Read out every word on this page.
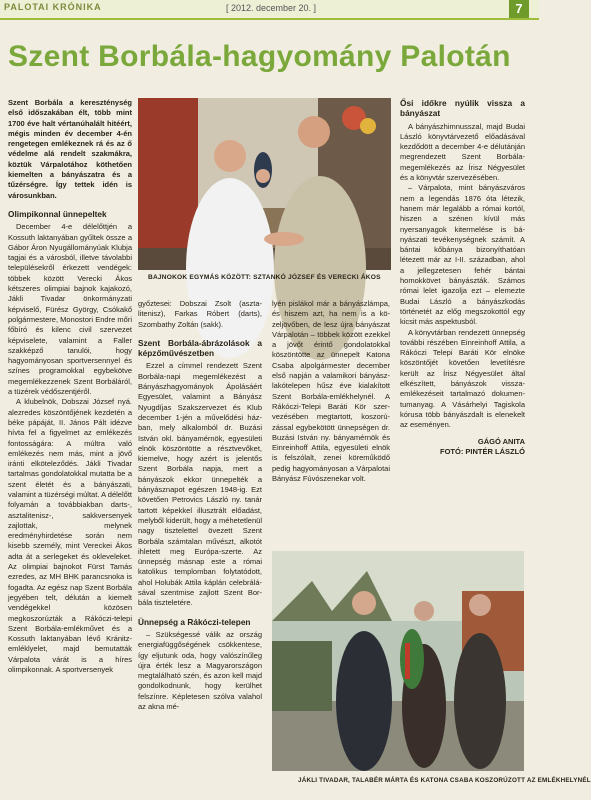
PALOTAI KRÓNIKA	[ 2012. december 20. ]	7
Szent Borbála-hagyomány Palotán

Szent Borbála a kereszténység első időszakában élt, több mint 1700 éve halt vértanúhalált hitéért, mégis minden év december 4-én rengetegen emlékeznek rá és az ő védelme alá rendelt szakmákra, köztük Várpalotához köthetően kiemelten a bányászatra és a tűzérségre. Így tettek idén is városunkban.

Olimpikonnal ünnepeltek

December 4-e délelőttjén a Kossuth laktanyában gyűltek össze a Gábor Áron Nyugállományúak Klubja tagjai és a városból, illetve távolabbi településekről érkezett vendégek: többek között Verecki Ákos kétszeres olimpiai bajnok kajakozó, Jákli Tivadar önkormányzati képviselő, Fürész György, Csókakő polgármestere, Monostori Endre mőri főbíró és kilenc civil szervezet képviselete, valamint a Faller szakképző tanulói, hogy hagyományosan sportversennyel és színes programokkal egybekötve megemlékezzenek Szent Borbáláról, a tüzérek védőszentjéről.

A klubelnök, Dobszai József nyá. alezredes köszöntőjének kezdetén a béke pápáját, II. János Pált idézve hívta fel a figyelmet az emlékezés fontosságára: A múltra való emlékezés nem más, mint a jövő iránti elköteleződés. Jákli Tivadar tartalmas gondolatokkal mutatta be a szent életét és a bányászati, valamint a tüzérségi múltat. A délelőtt folyamán a továbbiakban darts-, asztalitenisz-, sakkversenyek zajlottak, melynek eredményhirdetése során nem kisebb személy, mint Vereckei Ákos adta át a serlegeket és okleveleket. Az olimpiai bajnokot Fürst Tamás ezredes, az MH BHK parancsnoka is fogadta. Az egész nap Szent Borbála jegyében telt, délután a kiemelt vendégekkel közösen megkoszorúzták a Rákóczi-telepi Szent Borbála-emlékművet és a Kossuth laktanyában lévő Kránitz-emléklyelet, majd bemutatták Várpalota várát is a híres olimpikonnak. A sportversenyek

BAJNOKOK EGYMÁS KÖZÖTT: SZTANKÓ JÓZSEF ÉS VERECKI ÁKOS

győztesei: Dobszai Zsolt (asztalitenisz), Farkas Róbert (darts), Szombathy Zoltán (sakk).

Szent Borbála-ábrázolások a képzőművészetben

Ezzel a címmel rendezett Szent Borbála-napi megemlékezést a Bányászhagyományok Ápolásáért Egyesület, valamint a Bányász Nyugdíjas Szakszervezet és Klub december 1-jén a művelődési házban, mely alkalomból dr. Buzási István okl. bányamérnök, egyesületi elnök köszöntötte a résztvevőket, kiemelve, hogy azért is jelentős Szent Borbála napja, mert a bányászok ekkor ünnepelték a bányásznapot egészen 1948-ig. Ezt követően Petrovics László ny. tanár tartott képekkel illusztrált előadást, melyből kiderült, hogy a méhetetlenül nagy tisztelettel övezett Szent Borbála számtalan művészt, alkotót ihletett meg Európa-szerte. Az ünnepség másnap este a római katolikus templomban folytatódott, ahol Holubák Attila káplán celebrálásával szentmise zajlott Szent Borbála tiszteletére.

Ünnepség a Rákóczi-telepen

– Szükségessé válik az ország energiafüggőségének csökkentese, így eljutunk oda, hogy valószínűleg újra érték lesz a Magyarországon megtalálható szén, és azon kell majd gondolkodnunk, hogy kerülhet felszínre. Képletesen szólva valahol az akna mé-

lyén pislákol már a bányászlámpa, és hiszem azt, ha nem is a közeljövőben, de lesz újra bányászat Várpalotán – többek között ezekkel a jövőt érintő gondolatokkal köszöntötte az ünnepelt Katona Csaba alpolgármester december első napján a valamikori bányászlakótelepen hűsz éve kialakított Szent Borbála-emlékhelynél. A Rákóczi-Telepi Baráti Kör szervezésében megtartott, koszorúzással egybekötött ünnepségen dr. Buzási István ny. bányamérnök és Einreinhoff Attila, egyesületi elnök is felszólalt, zenei köreműködő pedig hagyományosan a Várpalotai Bányász Fúvószenekar volt.

Ősi időkre nyúlik vissza a bányászat

A bányászhimnusszal, majd Budai László könyvtárvezető előadásával kezdődött a december 4-e délutánján megrendezett Szent Borbála-megemlékezés az Írisz Négyesület és a könyvtár szervezésében.

– Várpalota, mint bányászváros nem a legendás 1876 óta létezik, hanem már legalább a római kortól, hiszen a szénen kívül más nyersanyagok kitermelése is bányászati tevékenységnek számít. A bántai kőbánya bizonyíthatóan létezett már az I-II. században, ahol a jellegzetesen fehér bántai homokkövet bányászták. Számos római lelet igazolja ezt – elemezte Budai László a bányászkodás történetét az előg megszokottól egy kicsit más aspektusból.

A könyvtárban rendezett ünnepség további részében Einreinhoff Attila, a Rákóczi Telepi Baráti Kör elnöke köszöntőjét követően levetítésre került az Írisz Négyesület által elkészített, bányászok visszaemlékezéseit tartalmazó dokumentumanyag. A Vásárhelyi Tagiskola kórusa több bányászdalt is elenekelt az eseményen.

GÁGÓ ANITA

FOTÓ: PINTÉR LÁSZLÓ

JÁKLI TIVADAR, TALABÉR MÁRTA ÉS KATONA CSABA KOSZORÚZOTT AZ EMLÉKHELYNÉL
